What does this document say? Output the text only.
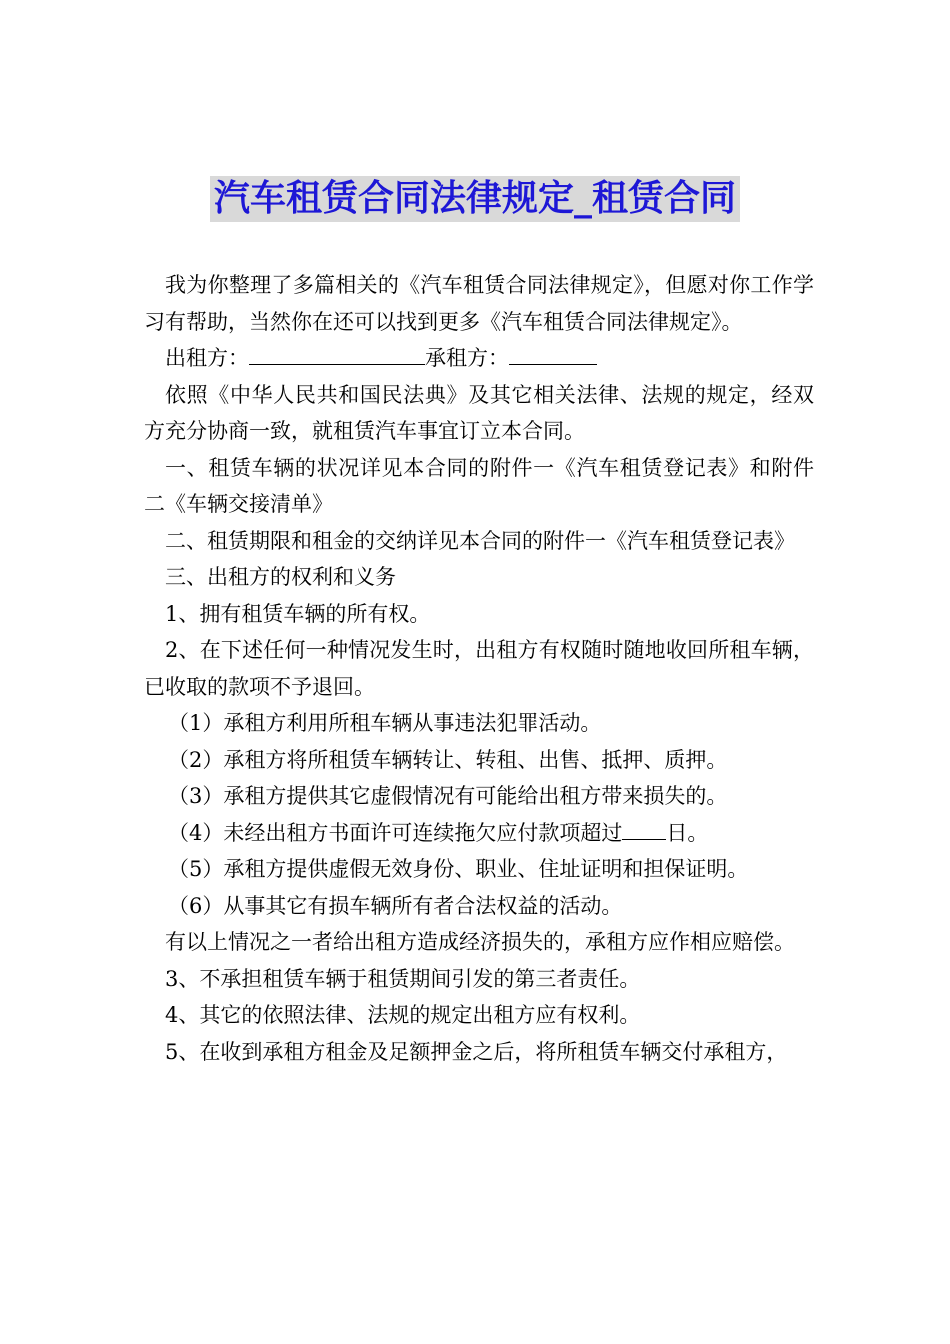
汽车租赁合同法律规定_租赁合同

我为你整理了多篇相关的《汽车租赁合同法律规定》，但愿对你工作学习有帮助，当然你在还可以找到更多《汽车租赁合同法律规定》。

出租方：	承租方：

依照《中华人民共和国民法典》及其它相关法律、法规的规定，经双方充分协商一致，就租赁汽车事宜订立本合同。

一、租赁车辆的状况详见本合同的附件一《汽车租赁登记表》和附件二《车辆交接清单》

二、租赁期限和租金的交纳详见本合同的附件一《汽车租赁登记表》

三、出租方的权利和义务

1、拥有租赁车辆的所有权。

2、在下述任何一种情况发生时，出租方有权随时随地收回所租车辆，已收取的款项不予退回。

（1）承租方利用所租车辆从事违法犯罪活动。

（2）承租方将所租赁车辆转让、转租、出售、抵押、质押。

（3）承租方提供其它虚假情况有可能给出租方带来损失的。

（4）未经出租方书面许可连续拖欠应付款项超过 日。

（5）承租方提供虚假无效身份、职业、住址证明和担保证明。

（6）从事其它有损车辆所有者合法权益的活动。

有以上情况之一者给出租方造成经济损失的，承租方应作相应赔偿。

3、不承担租赁车辆于租赁期间引发的第三者责任。

4、其它的依照法律、法规的规定出租方应有权利。

5、在收到承租方租金及足额押金之后，将所租赁车辆交付承租方，
